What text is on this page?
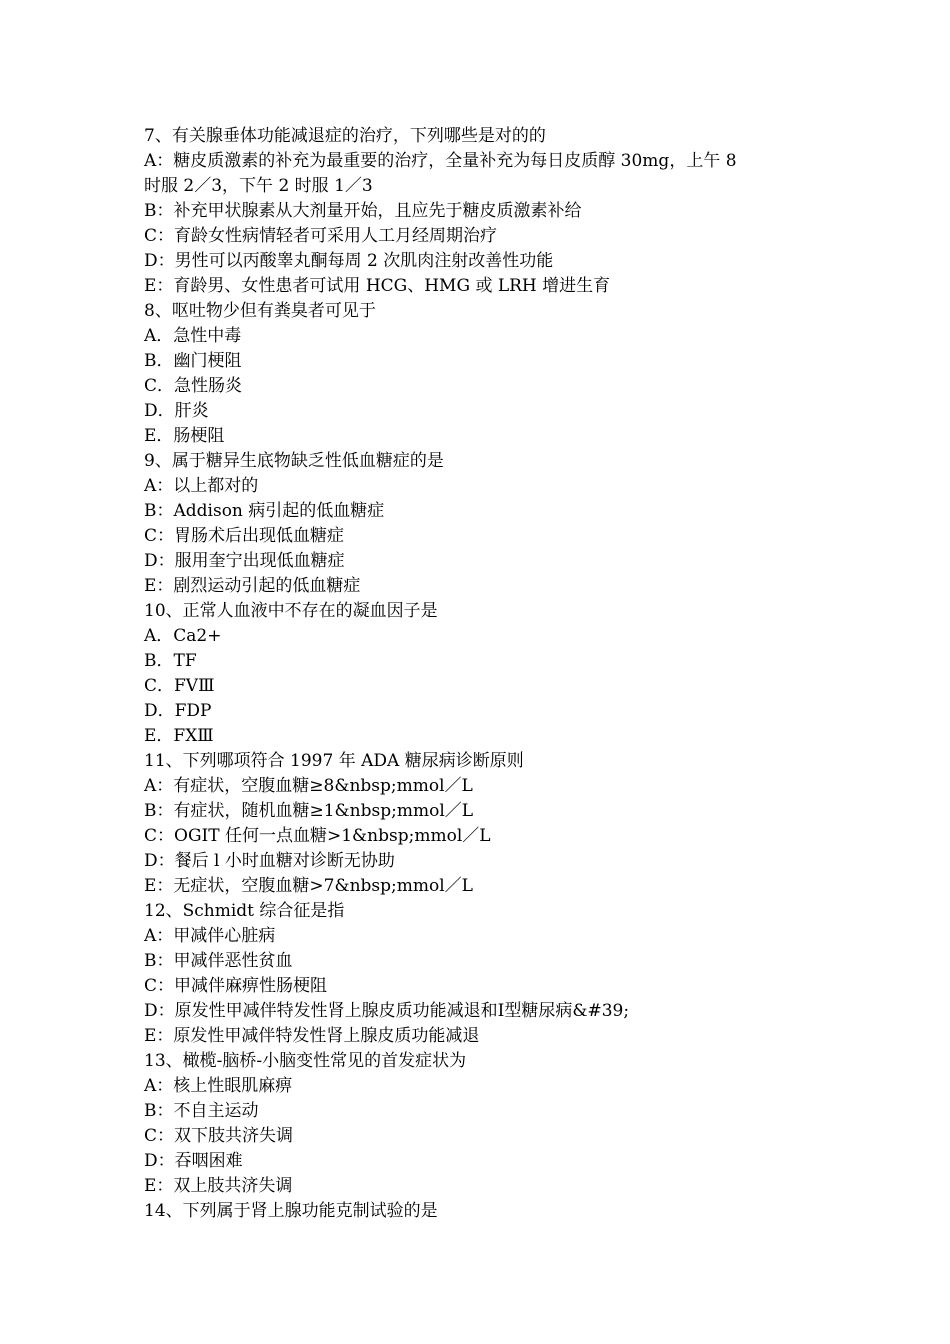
7、有关腺垂体功能减退症的治疗，下列哪些是对的的
A：糖皮质激素的补充为最重要的治疗，全量补充为每日皮质醇 30mg，上午 8
时服 2／3，下午 2 时服 1／3
B：补充甲状腺素从大剂量开始，且应先于糖皮质激素补给
C：育龄女性病情轻者可采用人工月经周期治疗
D：男性可以丙酸睾丸酮每周 2 次肌肉注射改善性功能
E：育龄男、女性患者可试用 HCG、HMG 或 LRH 增进生育
8、呕吐物少但有粪臭者可见于
A．急性中毒
B．幽门梗阻
C．急性肠炎
D．肝炎
E．肠梗阻
9、属于糖异生底物缺乏性低血糖症的是
A：以上都对的
B：Addison 病引起的低血糖症
C：胃肠术后出现低血糖症
D：服用奎宁出现低血糖症
E：剧烈运动引起的低血糖症
10、正常人血液中不存在的凝血因子是
A．Ca2+
B．TF
C．FVⅢ
D．FDP
E．FⅩⅢ
11、下列哪项符合 1997 年 ADA 糖尿病诊断原则
A：有症状，空腹血糖≥8&nbsp;mmol／L
B：有症状，随机血糖≥1&nbsp;mmol／L
C：OGIT 任何一点血糖>1&nbsp;mmol／L
D：餐后 l 小时血糖对诊断无协助
E：无症状，空腹血糖>7&nbsp;mmol／L
12、Schmidt 综合征是指
A：甲减伴心脏病
B：甲减伴恶性贫血
C：甲减伴麻痹性肠梗阻
D：原发性甲减伴特发性肾上腺皮质功能减退和Ⅰ型糖尿病&#39;
E：原发性甲减伴特发性肾上腺皮质功能减退
13、橄榄-脑桥-小脑变性常见的首发症状为
A：核上性眼肌麻痹
B：不自主运动
C：双下肢共济失调
D：吞咽困难
E：双上肢共济失调
14、下列属于肾上腺功能克制试验的是
